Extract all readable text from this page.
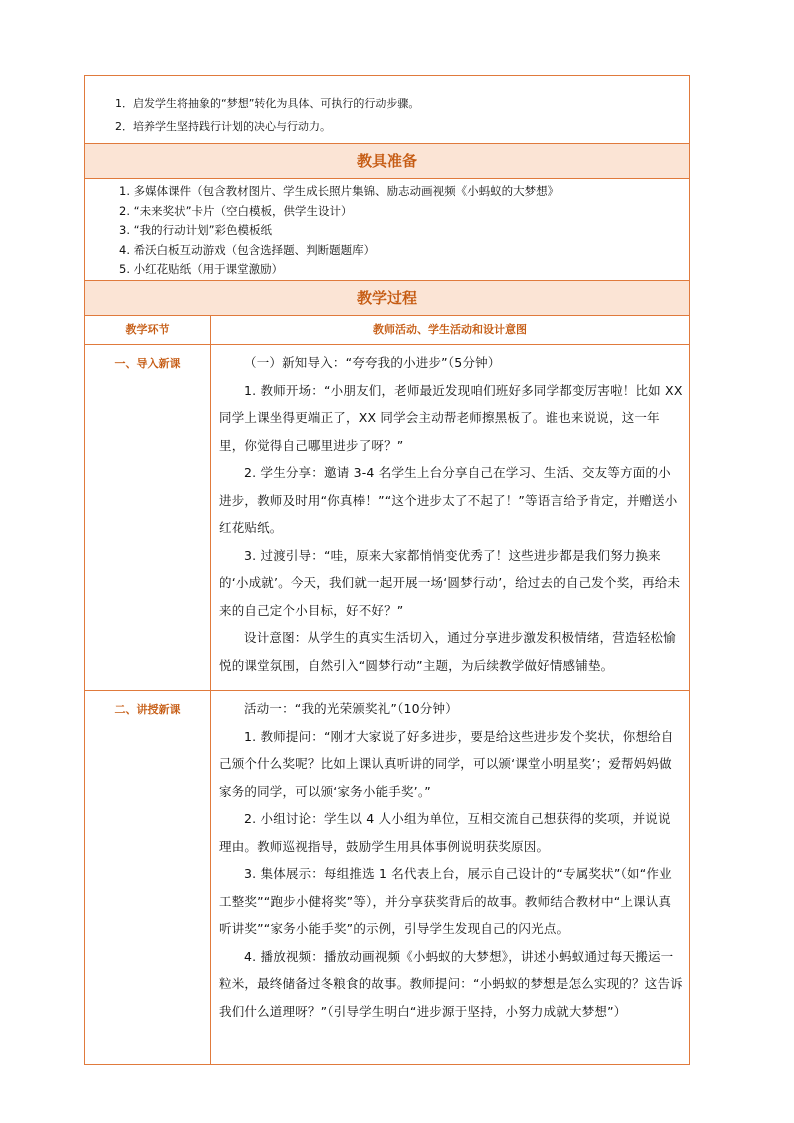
1．启发学生将抽象的“梦想”转化为具体、可执行的行动步骤。
2．培养学生坚持践行计划的决心与行动力。	

教具准备	

1. 多媒体课件（包含教材图片、学生成长照片集锦、励志动画视频《小蚂蚁的大梦想》
2. “未来奖状”卡片（空白模板，供学生设计）
3. “我的行动计划”彩色模板纸
4. 希沃白板互动游戏（包含选择题、判断题题库）
5. 小红花贴纸（用于课堂激励）	

教学过程	
教学环节	教师活动、学生活动和设计意图
一、导入新课	（一）新知导入：“夸夸我的小进步”（5分钟）

1. 教师开场：“小朋友们，老师最近发现咱们班好多同学都变厉害啦！比如 XX 同学上课坐得更端正了，XX 同学会主动帮老师擦黑板了。谁也来说说，这一年里，你觉得自己哪里进步了呀？”

2. 学生分享：邀请 3-4 名学生上台分享自己在学习、生活、交友等方面的小进步，教师及时用“你真棒！”“这个进步太了不起了！”等语言给予肯定，并赠送小红花贴纸。

3. 过渡引导：“哇，原来大家都悄悄变优秀了！这些进步都是我们努力换来的‘小成就’。今天，我们就一起开展一场‘圆梦行动’，给过去的自己发个奖，再给未来的自己定个小目标，好不好？”

设计意图：从学生的真实生活切入，通过分享进步激发积极情绪，营造轻松愉悦的课堂氛围，自然引入“圆梦行动”主题，为后续教学做好情感铺垫。

二、讲授新课	活动一：“我的光荣颁奖礼”（10分钟）

1. 教师提问：“刚才大家说了好多进步，要是给这些进步发个奖状，你想给自己颁个什么奖呢？比如上课认真听讲的同学，可以颁‘课堂小明星奖’；爱帮妈妈做家务的同学，可以颁‘家务小能手奖’。”

2. 小组讨论：学生以 4 人小组为单位，互相交流自己想获得的奖项，并说说理由。教师巡视指导，鼓励学生用具体事例说明获奖原因。

3. 集体展示：每组推选 1 名代表上台，展示自己设计的“专属奖状”（如“作业工整奖”“跑步小健将奖”等），并分享获奖背后的故事。教师结合教材中“上课认真听讲奖”“家务小能手奖”的示例，引导学生发现自己的闪光点。

4. 播放视频：播放动画视频《小蚂蚁的大梦想》，讲述小蚂蚁通过每天搬运一粒米，最终储备过冬粮食的故事。教师提问：“小蚂蚁的梦想是怎么实现的？这告诉我们什么道理呀？”（引导学生明白“进步源于坚持，小努力成就大梦想”）
